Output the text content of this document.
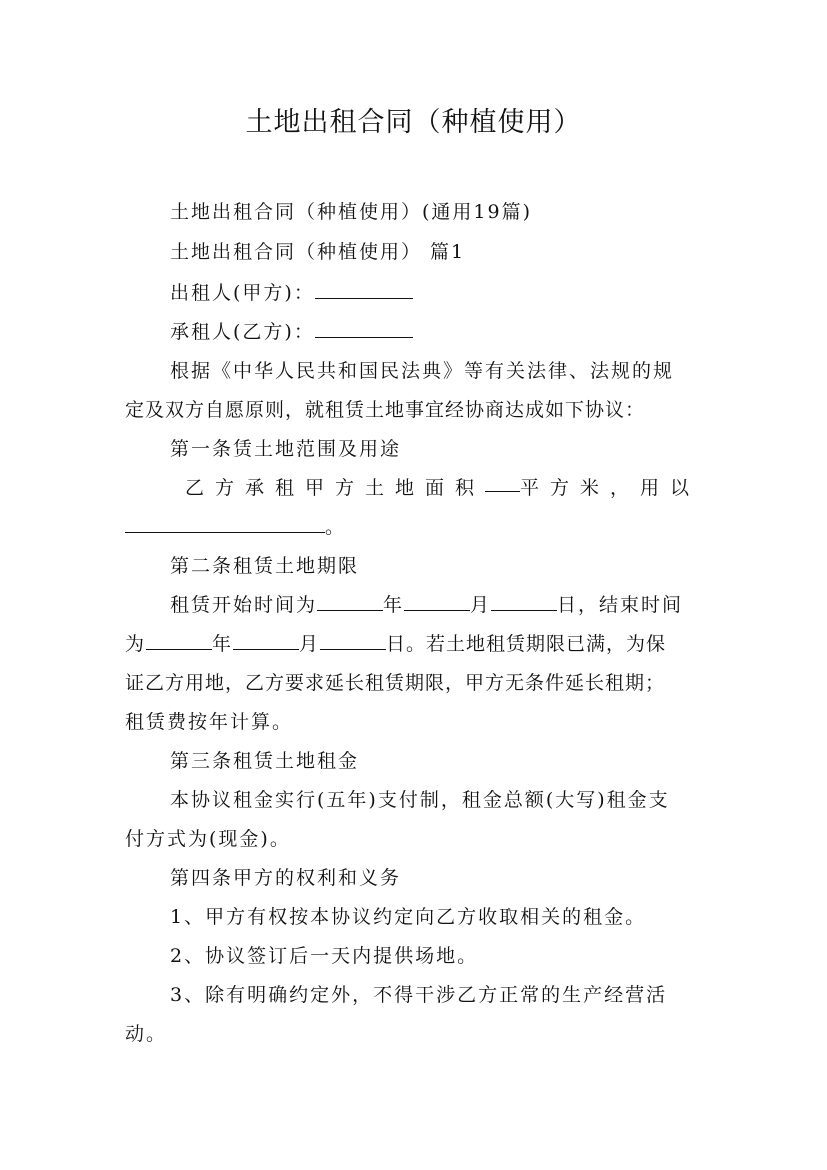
土地出租合同（种植使用）
土地出租合同（种植使用）(通用19篇)
土地出租合同（种植使用） 篇1
出租人(甲方)：
承租人(乙方)：
根据《中华人民共和国民法典》等有关法律、法规的规
定及双方自愿原则，就租赁土地事宜经协商达成如下协议：
第一条赁土地范围及用途
乙方承租甲方土地面积 平方米，用以
。
第二条租赁土地期限
租赁开始时间为	年	月	日，结束时间
为	年	月	日。若土地租赁期限已满，为保
证乙方用地，乙方要求延长租赁期限，甲方无条件延长租期；
租赁费按年计算。
第三条租赁土地租金
本协议租金实行(五年)支付制，租金总额(大写)租金支
付方式为(现金)。
第四条甲方的权利和义务
1、甲方有权按本协议约定向乙方收取相关的租金。
2、协议签订后一天内提供场地。
3、除有明确约定外，不得干涉乙方正常的生产经营活
动。
